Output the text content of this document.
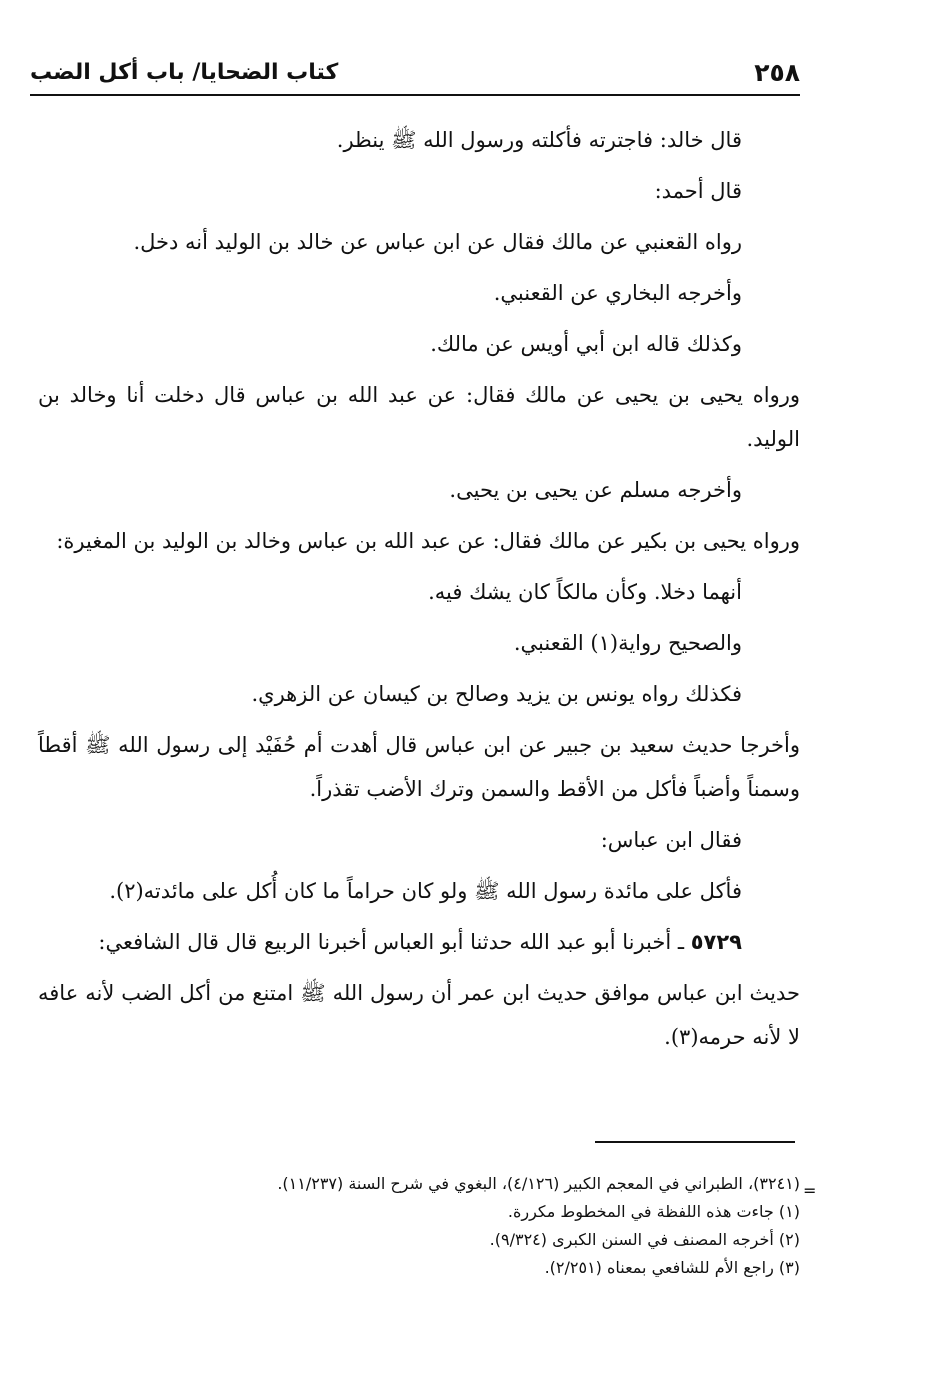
٢٥٨
كتاب الضحايا/ باب أكل الضب

قال خالد: فاجترته فأكلته ورسول الله ﷺ ينظر.

قال أحمد:

رواه القعنبي عن مالك فقال عن ابن عباس عن خالد بن الوليد أنه دخل.

وأخرجه البخاري عن القعنبي.

وكذلك قاله ابن أبي أويس عن مالك.

ورواه يحيى بن يحيى عن مالك فقال: عن عبد الله بن عباس قال دخلت أنا وخالد بن الوليد.

وأخرجه مسلم عن يحيى بن يحيى.

ورواه يحيى بن بكير عن مالك فقال: عن عبد الله بن عباس وخالد بن الوليد بن المغيرة:

أنهما دخلا. وكأن مالكاً كان يشك فيه.

والصحيح رواية(١) القعنبي.

فكذلك رواه يونس بن يزيد وصالح بن كيسان عن الزهري.

وأخرجا حديث سعيد بن جبير عن ابن عباس قال أهدت أم حُفَيْد إلى رسول الله ﷺ أقطاً وسمناً وأضباً فأكل من الأقط والسمن وترك الأضب تقذراً.

فقال ابن عباس:

فأكل على مائدة رسول الله ﷺ ولو كان حراماً ما كان أُكل على مائدته(٢).

٥٧٢٩ ـ أخبرنا أبو عبد الله حدثنا أبو العباس أخبرنا الربيع قال قال الشافعي:

حديث ابن عباس موافق حديث ابن عمر أن رسول الله ﷺ امتنع من أكل الضب لأنه عافه لا لأنه حرمه(٣).

=

(٣٢٤١)، الطبراني في المعجم الكبير (٤/١٢٦)، البغوي في شرح السنة (١١/٢٣٧).

(١) جاءت هذه اللفظة في المخطوط مكررة.

(٢) أخرجه المصنف في السنن الكبرى (٩/٣٢٤).

(٣) راجع الأم للشافعي بمعناه (٢/٢٥١).
